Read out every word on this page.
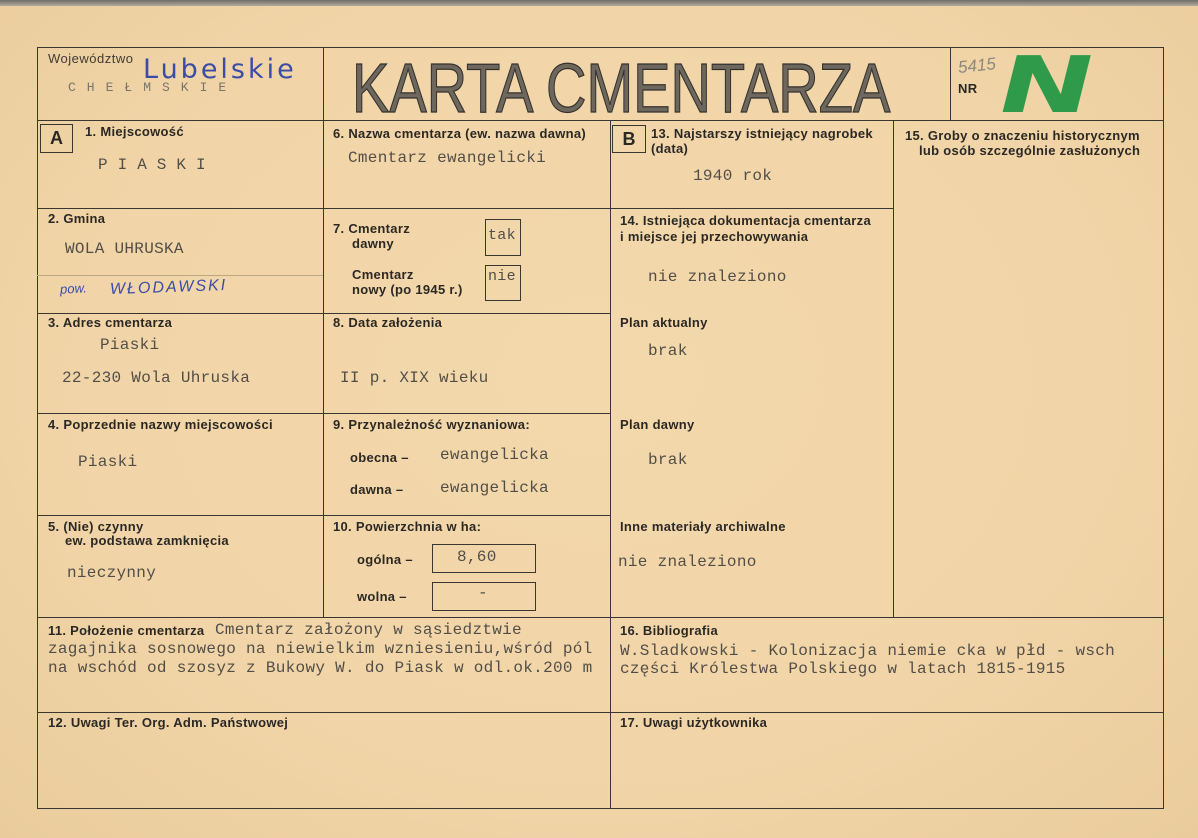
Województwo Lubelskie
CHEŁMSKIE KARTA CMENTARZA	5415
NR N
A	B
1. Miejscowość
PIASKI
6. Nazwa cmentarza (ew. nazwa dawna)
Cmentarz ewangelicki
13. Najstarszy istniejący nagrobek
(data)
1940 rok
15. Groby o znaczeniu historycznym
lub osób szczególnie zasłużonych
2. Gmina
WOLA UHRUSKA
pow. WŁODAWSKI
7. Cmentarz
dawny	tak
Cmentarz
nowy (po 1945 r.)
nie
14. Istniejąca dokumentacja cmentarza
i miejsce jej przechowywania
nie znaleziono
Plan aktualny
brak
Plan dawny
brak
Inne materiały archiwalne
nie znaleziono
3. Adres cmentarza
Piaski
22-230 Wola Uhruska
8. Data założenia
II p. XIX wieku
4. Poprzednie nazwy miejscowości
Piaski
9. Przynależność wyznaniowa:
obecna – ewangelicka
dawna – ewangelicka
5. (Nie) czynny
ew. podstawa zamknięcia
nieczynny
10. Powierzchnia w ha:
ogólna –	8,60
wolna –	-
11. Położenie cmentarza Cmentarz założony w sąsiedztwie
zagajnika sosnowego na niewielkim wzniesieniu,wśród pól
na wschód od szosyz z Bukowy W. do Piask w odl.ok.200 m
16. Bibliografia
W.Sladkowski - Kolonizacja niemie cka w płd - wsch
części Królestwa Polskiego w latach 1815-1915
12. Uwagi Ter. Org. Adm. Państwowej	17. Uwagi użytkownika
